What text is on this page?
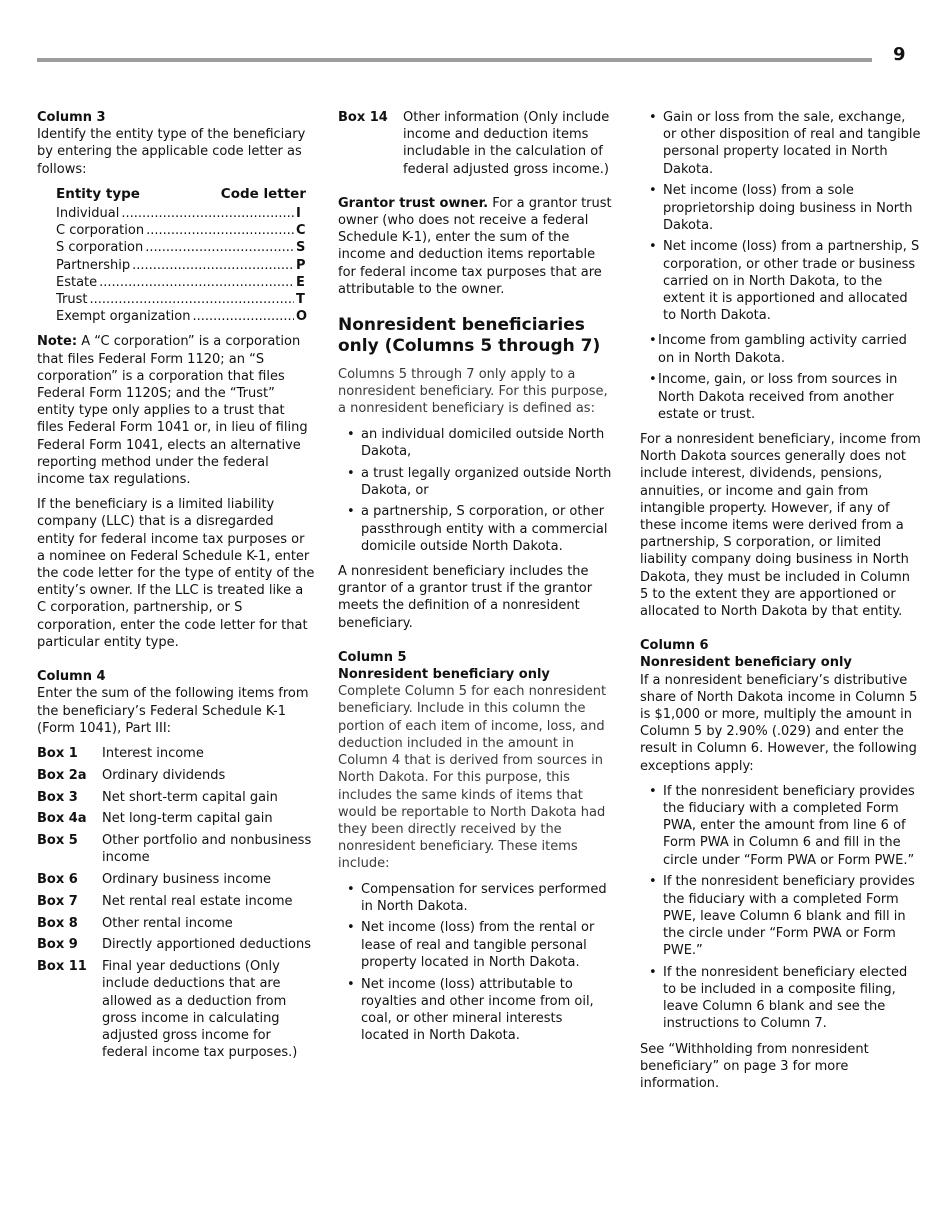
9
Column 3

Identify the entity type of the beneficiary by entering the applicable code letter as follows:

Entity type	Code letter
Individual .....	I
C corporation .....	C
S corporation .....	S
Partnership .....	P
Estate .....	E
Trust .....	T
Exempt organization .....	O

Note: A “C corporation” is a corporation that files Federal Form 1120; an “S corporation” is a corporation that files Federal Form 1120S; and the “Trust” entity type only applies to a trust that files Federal Form 1041 or, in lieu of filing Federal Form 1041, elects an alternative reporting method under the federal income tax regulations.

If the beneficiary is a limited liability company (LLC) that is a disregarded entity for federal income tax purposes or a nominee on Federal Schedule K-1, enter the code letter for the type of entity of the entity’s owner. If the LLC is treated like a C corporation, partnership, or S corporation, enter the code letter for that particular entity type.

Column 4

Enter the sum of the following items from the beneficiary’s Federal Schedule K-1 (Form 1041), Part III:

Box 1	Interest income
Box 2a	Ordinary dividends
Box 3	Net short-term capital gain
Box 4a	Net long-term capital gain
Box 5	Other portfolio and nonbusiness income
Box 6	Ordinary business income
Box 7	Net rental real estate income
Box 8	Other rental income
Box 9	Directly apportioned deductions
Box 11	Final year deductions (Only include deductions that are allowed as a deduction from gross income in calculating adjusted gross income for federal income tax purposes.)
Box 14	Other information (Only include income and deduction items includable in the calculation of federal adjusted gross income.)

Grantor trust owner. For a grantor trust owner (who does not receive a federal Schedule K-1), enter the sum of the income and deduction items reportable for federal income tax purposes that are attributable to the owner.

Nonresident beneficiaries only (Columns 5 through 7)

Columns 5 through 7 only apply to a nonresident beneficiary. For this purpose, a nonresident beneficiary is defined as:

• an individual domiciled outside North Dakota,
• a trust legally organized outside North Dakota, or
• a partnership, S corporation, or other passthrough entity with a commercial domicile outside North Dakota.

A nonresident beneficiary includes the grantor of a grantor trust if the grantor meets the definition of a nonresident beneficiary.

Column 5
Nonresident beneficiary only

Complete Column 5 for each nonresident beneficiary. Include in this column the portion of each item of income, loss, and deduction included in the amount in Column 4 that is derived from sources in North Dakota. For this purpose, this includes the same kinds of items that would be reportable to North Dakota had they been directly received by the nonresident beneficiary. These items include:

• Compensation for services performed in North Dakota.
• Net income (loss) from the rental or lease of real and tangible personal property located in North Dakota.
• Net income (loss) attributable to royalties and other income from oil, coal, or other mineral interests located in North Dakota.
• Gain or loss from the sale, exchange, or other disposition of real and tangible personal property located in North Dakota.
• Net income (loss) from a sole proprietorship doing business in North Dakota.
• Net income (loss) from a partnership, S corporation, or other trade or business carried on in North Dakota, to the extent it is apportioned and allocated to North Dakota.
• Income from gambling activity carried on in North Dakota.
• Income, gain, or loss from sources in North Dakota received from another estate or trust.

For a nonresident beneficiary, income from North Dakota sources generally does not include interest, dividends, pensions, annuities, or income and gain from intangible property. However, if any of these income items were derived from a partnership, S corporation, or limited liability company doing business in North Dakota, they must be included in Column 5 to the extent they are apportioned or allocated to North Dakota by that entity.

Column 6
Nonresident beneficiary only

If a nonresident beneficiary’s distributive share of North Dakota income in Column 5 is $1,000 or more, multiply the amount in Column 5 by 2.90% (.029) and enter the result in Column 6. However, the following exceptions apply:

• If the nonresident beneficiary provides the fiduciary with a completed Form PWA, enter the amount from line 6 of Form PWA in Column 6 and fill in the circle under “Form PWA or Form PWE.”
• If the nonresident beneficiary provides the fiduciary with a completed Form PWE, leave Column 6 blank and fill in the circle under “Form PWA or Form PWE.”
• If the nonresident beneficiary elected to be included in a composite filing, leave Column 6 blank and see the instructions to Column 7.

See “Withholding from nonresident beneficiary” on page 3 for more information.
